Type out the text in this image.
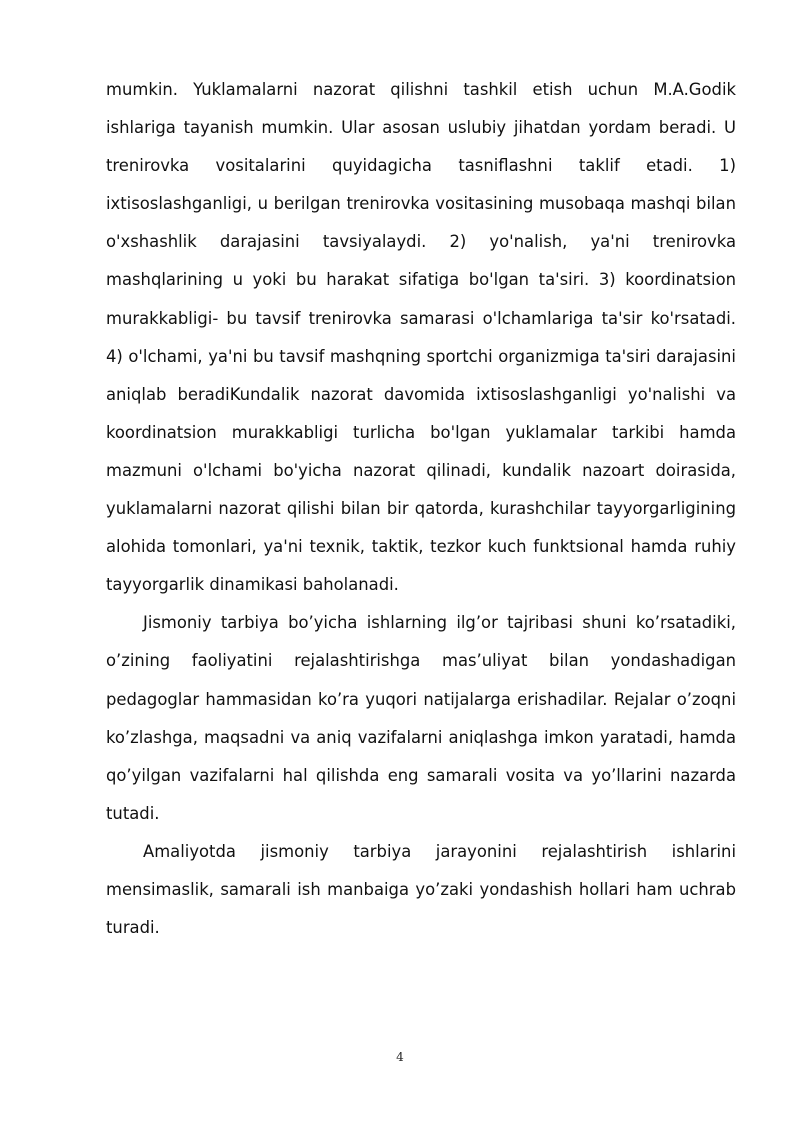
mumkin. Yuklamalarni nazorat qilishni tashkil etish uchun M.A.Godik ishlariga tayanish mumkin. Ular asosan uslubiy jihatdan yordam beradi. U trenirovka vositalarini quyidagicha tasniflashni taklif etadi. 1) ixtisoslashganligi, u berilgan trenirovka vositasining musobaqa mashqi bilan o'xshashlik darajasini tavsiyalaydi. 2) yo'nalish, ya'ni trenirovka mashqlarining u yoki bu harakat sifatiga bo'lgan ta'siri. 3) koordinatsion murakkabligi- bu tavsif trenirovka samarasi o'lchamlariga ta'sir ko'rsatadi. 4) o'lchami, ya'ni bu tavsif mashqning sportchi organizmiga ta'siri darajasini aniqlab beradiKundalik nazorat davomida ixtisoslashganligi yo'nalishi va koordinatsion murakkabligi turlicha bo'lgan yuklamalar tarkibi hamda mazmuni o'lchami bo'yicha nazorat qilinadi, kundalik nazoart doirasida, yuklamalarni nazorat qilishi bilan bir qatorda, kurashchilar tayyorgarligining alohida tomonlari, ya'ni texnik, taktik, tezkor kuch funktsional hamda ruhiy tayyorgarlik dinamikasi baholanadi.

Jismoniy tarbiya bo’yicha ishlarning ilg’or tajribasi shuni ko’rsatadiki, o’zining faoliyatini rejalashtirishga mas’uliyat bilan yondashadigan pedagoglar hammasidan ko’ra yuqori natijalarga erishadilar. Rejalar o’zoqni ko’zlashga, maqsadni va aniq vazifalarni aniqlashga imkon yaratadi, hamda qo’yilgan vazifalarni hal qilishda eng samarali vosita va yo’llarini nazarda tutadi.

Amaliyotda jismoniy tarbiya jarayonini rejalashtirish ishlarini mensimaslik, samarali ish manbaiga yo’zaki yondashish hollari ham uchrab turadi.

4
